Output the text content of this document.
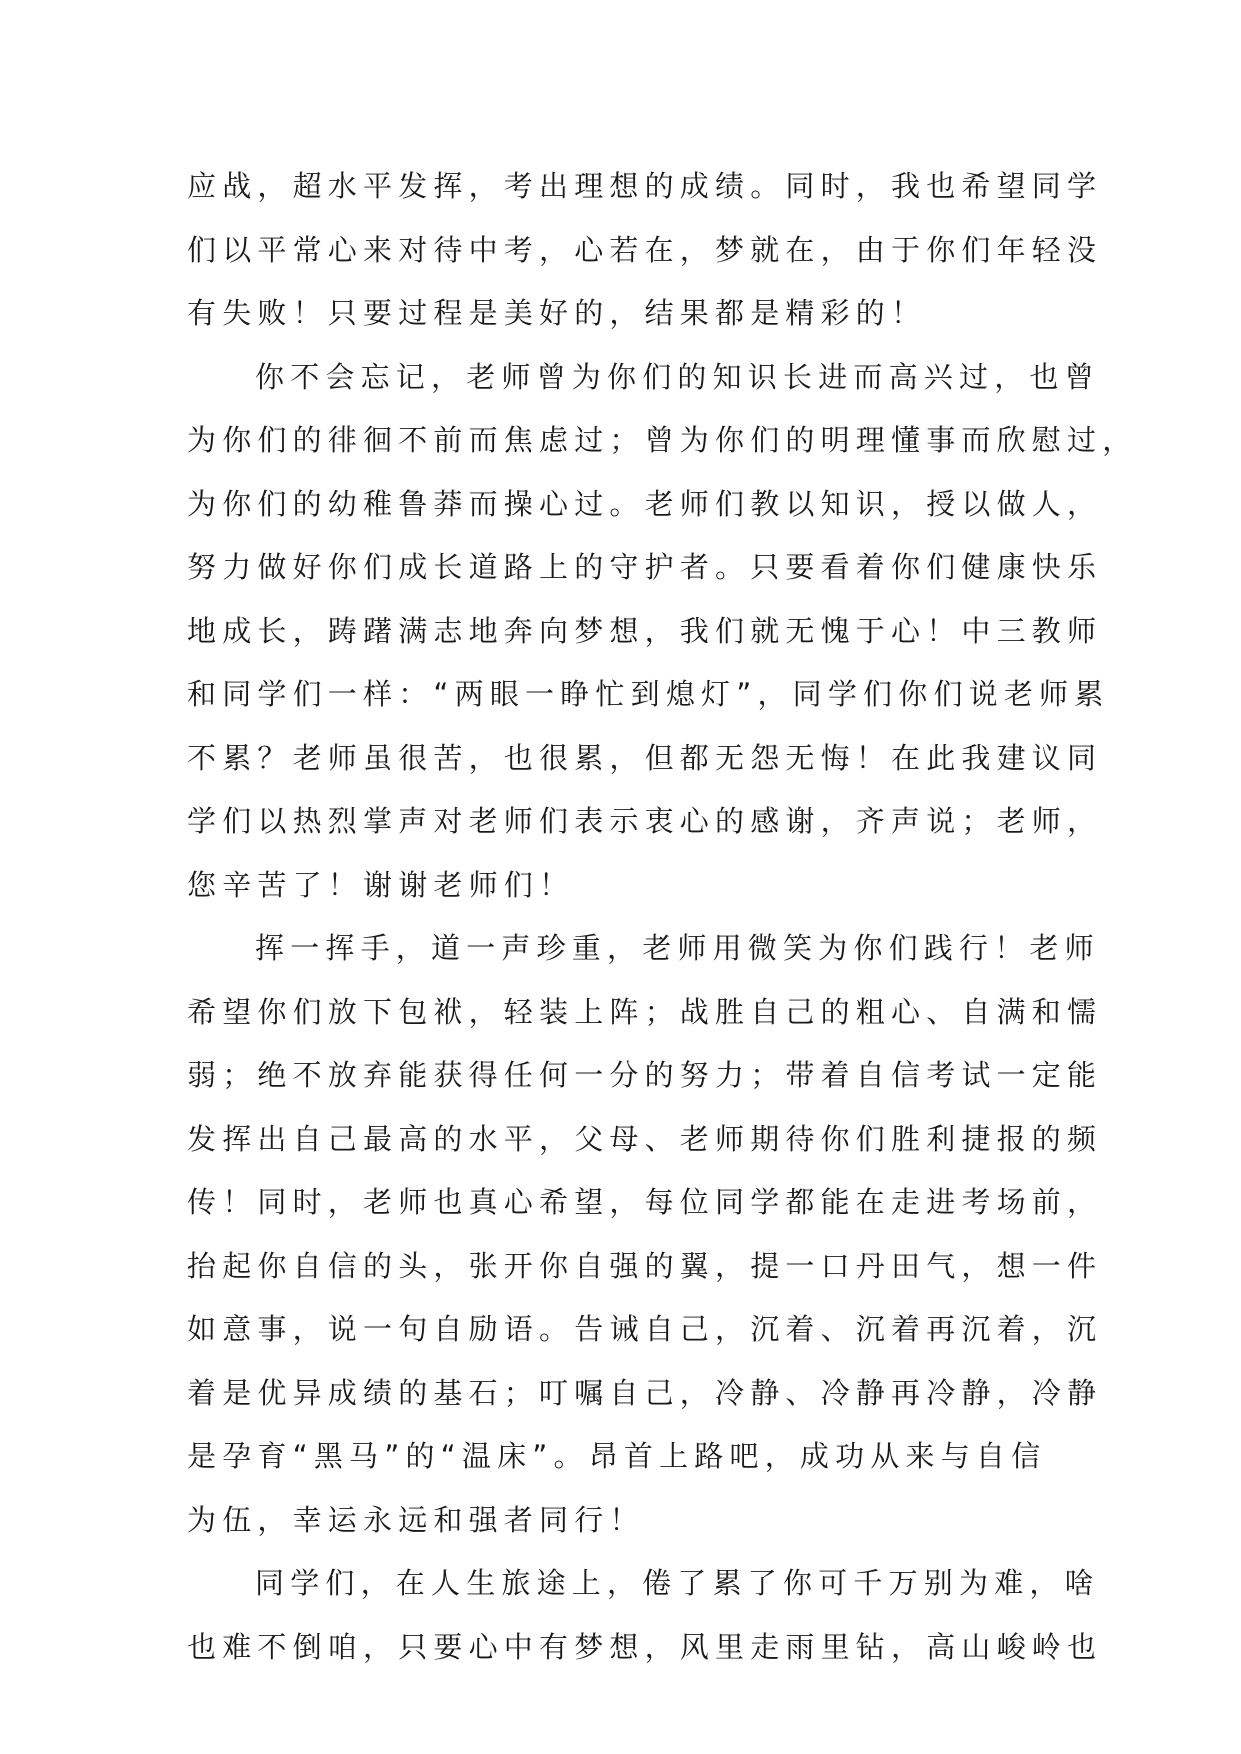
应战，超水平发挥，考出理想的成绩。同时，我也希望同学
们以平常心来对待中考，心若在，梦就在，由于你们年轻没
有失败！只要过程是美好的，结果都是精彩的！
你不会忘记，老师曾为你们的知识长进而高兴过，也曾
为你们的徘徊不前而焦虑过；曾为你们的明理懂事而欣慰过，
为你们的幼稚鲁莽而操心过。老师们教以知识，授以做人，
努力做好你们成长道路上的守护者。只要看着你们健康快乐
地成长，踌躇满志地奔向梦想，我们就无愧于心！中三教师
和同学们一样：“两眼一睁忙到熄灯”，同学们你们说老师累
不累？老师虽很苦，也很累，但都无怨无悔！在此我建议同
学们以热烈掌声对老师们表示衷心的感谢，齐声说；老师，
您辛苦了！谢谢老师们！
挥一挥手，道一声珍重，老师用微笑为你们践行！老师
希望你们放下包袱，轻装上阵；战胜自己的粗心、自满和懦
弱；绝不放弃能获得任何一分的努力；带着自信考试一定能
发挥出自己最高的水平，父母、老师期待你们胜利捷报的频
传！同时，老师也真心希望，每位同学都能在走进考场前，
抬起你自信的头，张开你自强的翼，提一口丹田气，想一件
如意事，说一句自励语。告诫自己，沉着、沉着再沉着，沉
着是优异成绩的基石；叮嘱自己，冷静、冷静再冷静，冷静
是孕育“黑马”的“温床”。昂首上路吧，成功从来与自信
为伍，幸运永远和强者同行！
同学们，在人生旅途上，倦了累了你可千万别为难，啥
也难不倒咱，只要心中有梦想，风里走雨里钻，高山峻岭也
